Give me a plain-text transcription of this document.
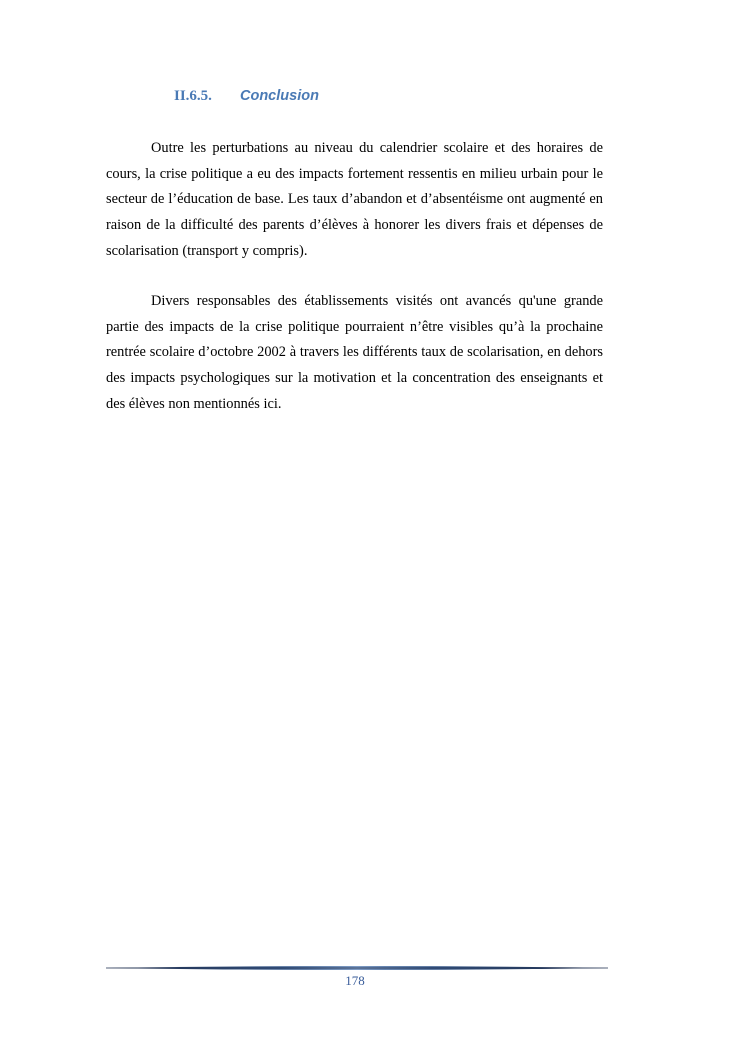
II.6.5.	Conclusion

Outre les perturbations au niveau du calendrier scolaire et des horaires de cours, la crise politique a eu des impacts fortement ressentis en milieu urbain pour le secteur de l’éducation de base. Les taux d’abandon et d’absentéisme ont augmenté en raison de la difficulté des parents d’élèves à honorer les divers frais et dépenses de scolarisation (transport y compris).

Divers responsables des établissements visités ont avancés qu'une grande partie des impacts de la crise politique pourraient n’être visibles qu’à la prochaine rentrée scolaire d’octobre 2002 à travers les différents taux de scolarisation, en dehors des impacts psychologiques sur la motivation et la concentration des enseignants et des élèves non mentionnés ici.

178
